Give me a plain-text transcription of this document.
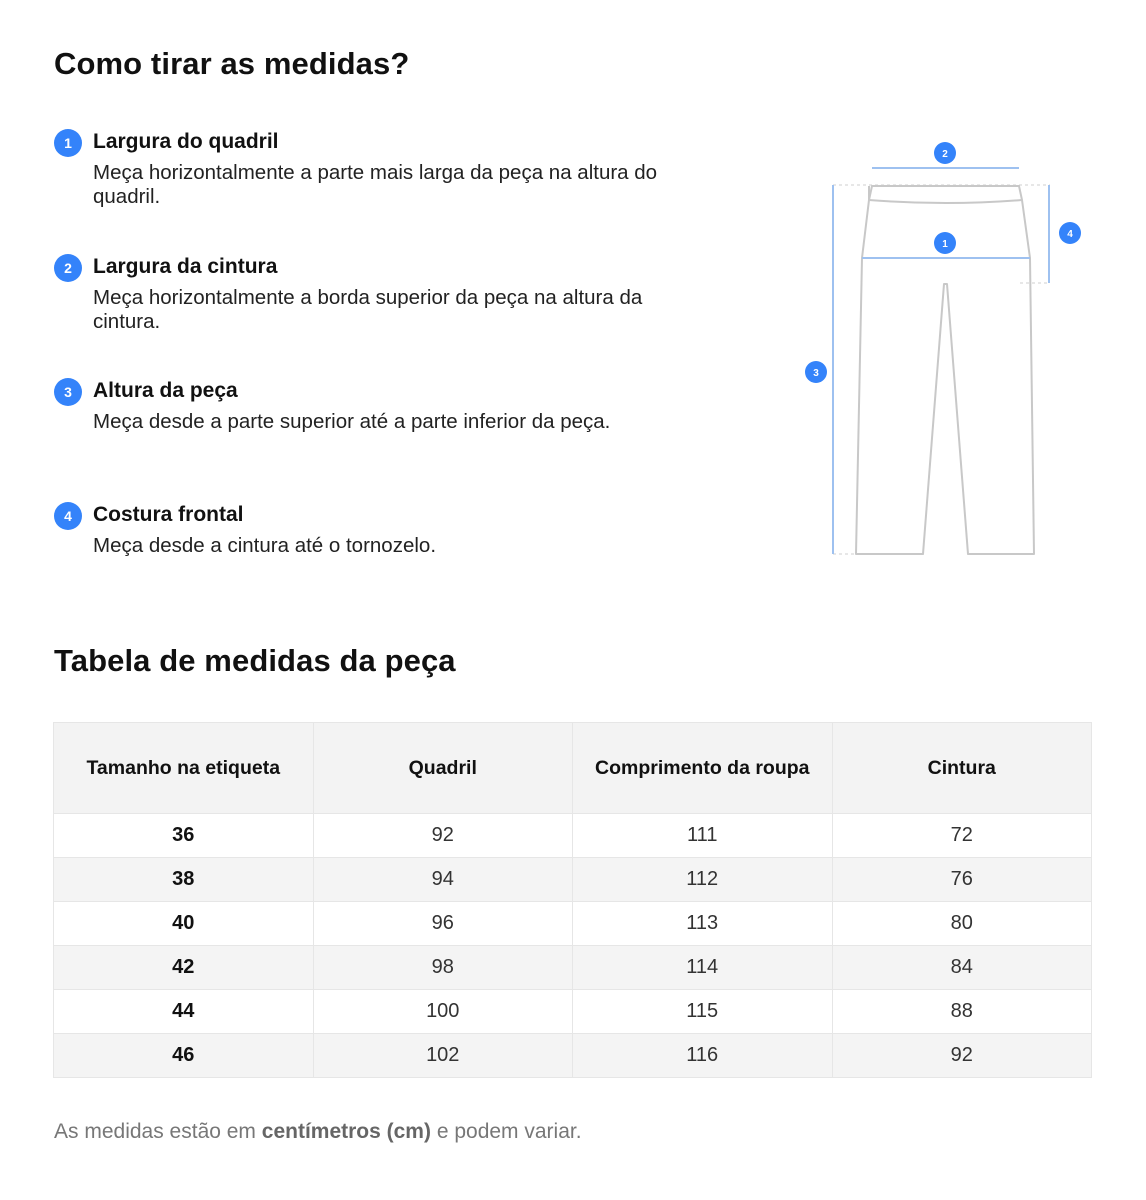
Como tirar as medidas?
1	Largura do quadril
Meça horizontalmente a parte mais larga da peça na altura do quadril.
2	Largura da cintura
Meça horizontalmente a borda superior da peça na altura da cintura.
3	Altura da peça
Meça desde a parte superior até a parte inferior da peça.
4	Costura frontal
Meça desde a cintura até o tornozelo.
2
1
4
3
Tabela de medidas da peça
Tamanho na etiqueta	Quadril	Comprimento da roupa	Cintura
36	92	111	72
38	94	112	76
40	96	113	80
42	98	114	84
44	100	115	88
46	102	116	92

As medidas estão em centímetros (cm) e podem variar.
